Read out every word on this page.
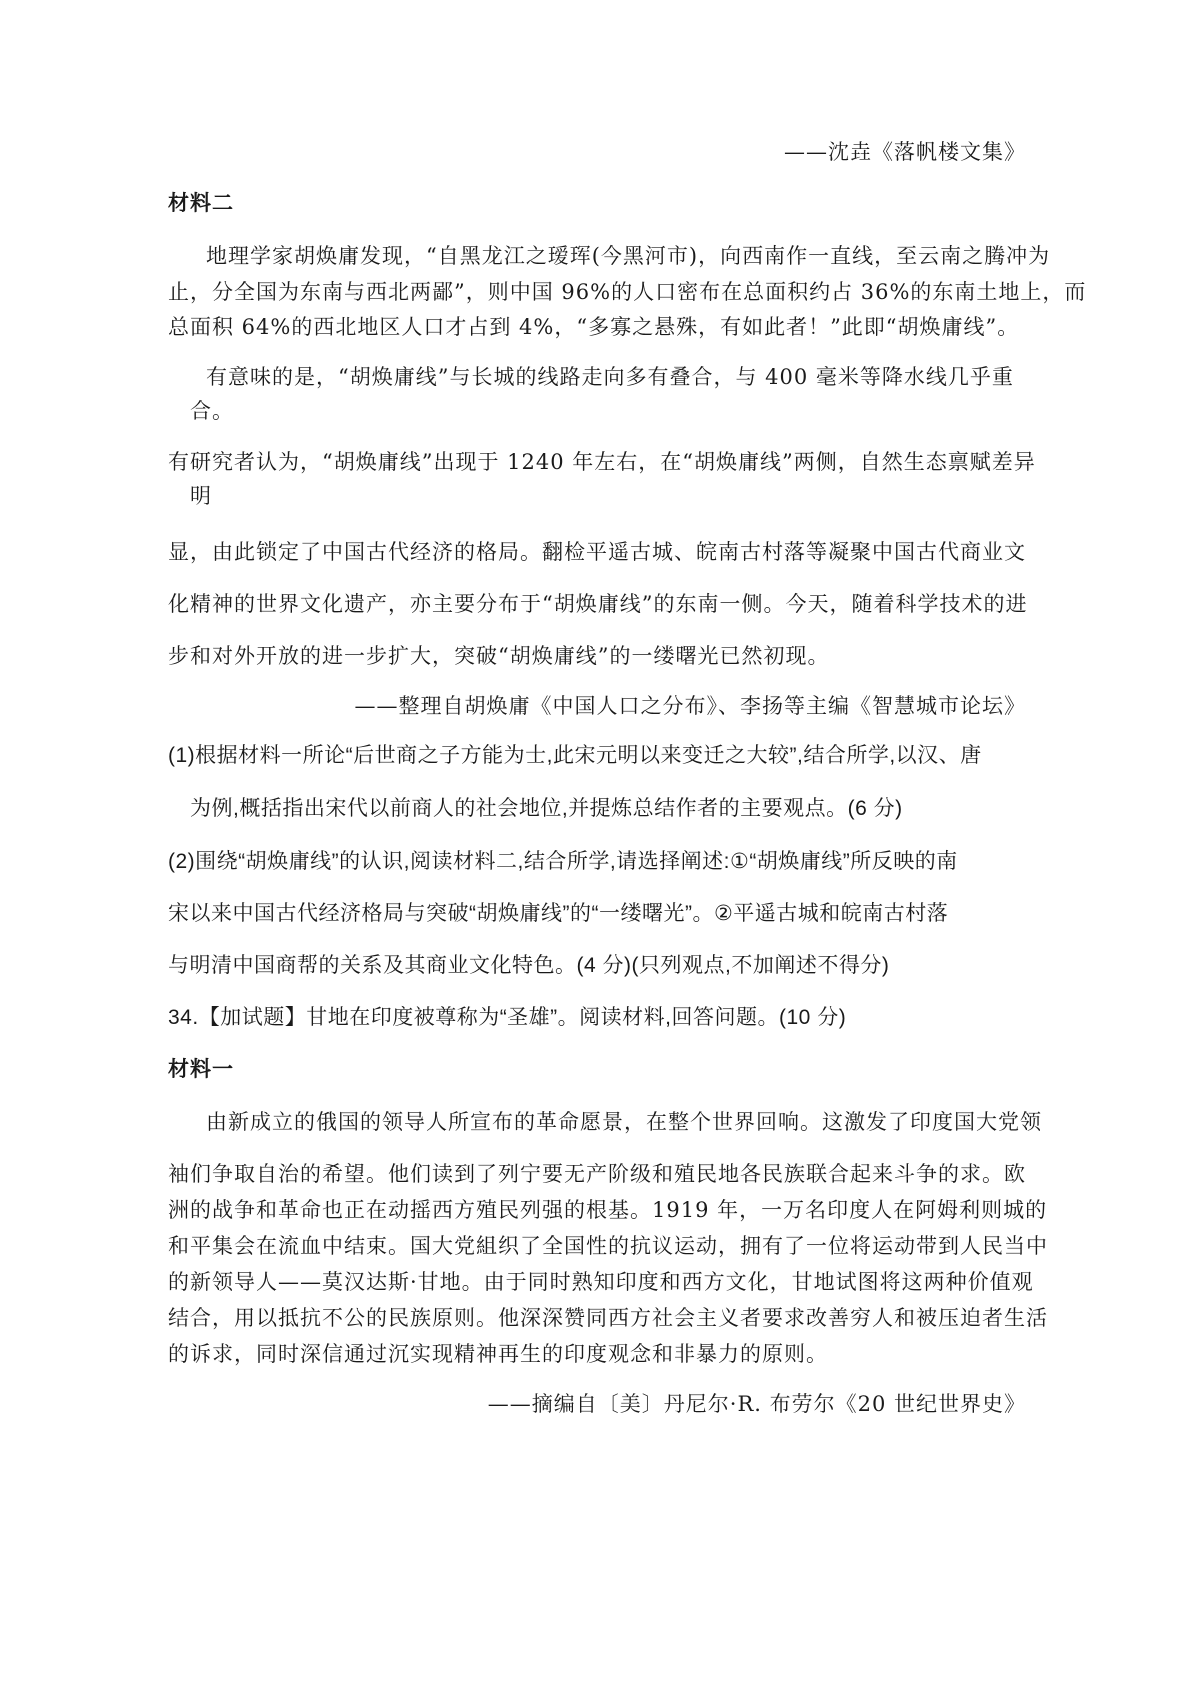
——沈垚《落帆楼文集》
材料二
地理学家胡焕庸发现，“自黑龙江之瑷珲(今黑河市)，向西南作一直线，至云南之腾冲为
止，分全国为东南与西北两鄙”，则中国 96%的人口密布在总面积约占 36%的东南土地上，而
总面积 64%的西北地区人口才占到 4%，“多寡之悬殊，有如此者！”此即“胡焕庸线”。
有意味的是，“胡焕庸线”与长城的线路走向多有叠合，与 400 毫米等降水线几乎重
合。
有研究者认为，“胡焕庸线”出现于 1240 年左右，在“胡焕庸线”两侧，自然生态禀赋差异
明
显，由此锁定了中国古代经济的格局。翻检平遥古城、皖南古村落等凝聚中国古代商业文
化精神的世界文化遗产，亦主要分布于“胡焕庸线”的东南一侧。今天，随着科学技术的进
步和对外开放的进一步扩大，突破“胡焕庸线”的一缕曙光已然初现。
——整理自胡焕庸《中国人口之分布》、李扬等主编《智慧城市论坛》
(1)根据材料一所论“后世商之子方能为士,此宋元明以来变迁之大较”,结合所学,以汉、唐
为例,概括指出宋代以前商人的社会地位,并提炼总结作者的主要观点。(6 分)
(2)围绕“胡焕庸线”的认识,阅读材料二,结合所学,请选择阐述:①“胡焕庸线”所反映的南
宋以来中国古代经济格局与突破“胡焕庸线”的“一缕曙光”。②平遥古城和皖南古村落
与明清中国商帮的关系及其商业文化特色。(4 分)(只列观点,不加阐述不得分)
34.【加试题】甘地在印度被尊称为“圣雄”。阅读材料,回答问题。(10 分)
材料一
由新成立的俄国的领导人所宣布的革命愿景，在整个世界回响。这激发了印度国大党领
袖们争取自治的希望。他们读到了列宁要无产阶级和殖民地各民族联合起来斗争的求。欧
洲的战争和革命也正在动摇西方殖民列强的根基。1919 年，一万名印度人在阿姆利则城的
和平集会在流血中结束。国大党組织了全国性的抗议运动，拥有了一位将运动带到人民当中
的新领导人——莫汉达斯·甘地。由于同时熟知印度和西方文化，甘地试图将这两种价值观
结合，用以抵抗不公的民族原则。他深深赞同西方社会主义者要求改善穷人和被压迫者生活
的诉求，同时深信通过沉实现精神再生的印度观念和非暴力的原则。
——摘编自〔美〕丹尼尔·R. 布劳尔《20 世纪世界史》
